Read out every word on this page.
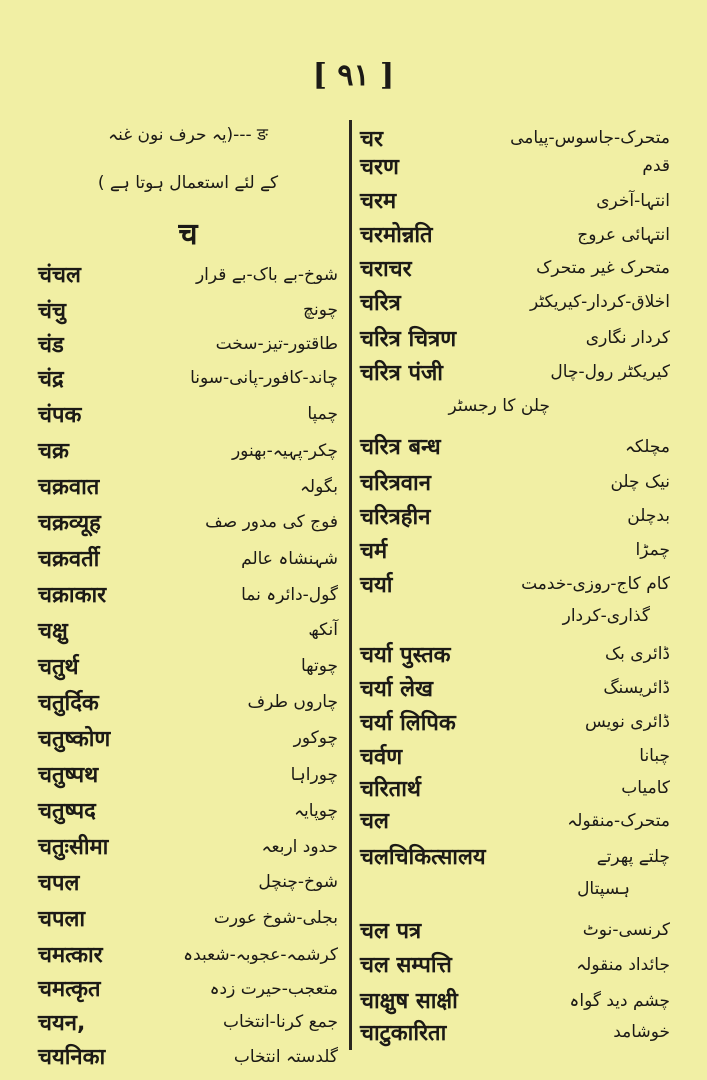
[ ٩١ ]
ङ ---(یہ حرف نون غنہ
کے لئے استعمال ہوتا ہے )
च
चंचल	شوخ-بے باک-بے قرار
चंचु	چونچ
चंड	طاقتور-تیز-سخت
चंद्र	چاند-کافور-پانی-سونا
चंपक	چمپا
चक्र	چکر-پہیہ-بھنور
चक्रवात	بگولہ
चक्रव्यूह	فوج کی مدور صف
चक्रवर्ती	شہنشاہ عالم
चक्राकार	گول-دائرہ نما
चक्षु	آنکھ
चतुर्थ	چوتھا
चतुर्दिक	چاروں طرف
चतुष्कोण	چوکور
चतुष्पथ	چوراہا
चतुष्पद	چوپایہ
चतुःसीमा	حدود اربعہ
चपल	شوخ-چنچل
चपला	بجلی-شوخ عورت
चमत्कार	کرشمہ-عجوبہ-شعبدہ
चमत्कृत	متعجب-حیرت زدہ
चयन,	جمع کرنا-انتخاب
चयनिका	گلدستہ انتخاب
चर	متحرک-جاسوس-پیامی
चरण	قدم
चरम	انتہا-آخری
चरमोन्नति	انتہائی عروج
चराचर	متحرک غیر متحرک
चरित्र	اخلاق-کردار-کیریکٹر
चरित्र चित्रण	کردار نگاری
चरित्र पंजी	کیریکٹر رول-چال
چلن کا رجسٹر
चरित्र बन्ध	مچلکہ
चरित्रवान	نیک چلن
चरित्रहीन	بدچلن
चर्म	چمڑا
चर्या	کام کاج-روزی-خدمت
گذاری-کردار
चर्या पुस्तक	ڈائری بک
चर्या लेख	ڈائریسنگ
चर्या लिपिक	ڈائری نویس
चर्वण	چبانا
चरितार्थ	کامیاب
चल	متحرک-منقولہ
चलचिकित्सालय	چلتے پھرتے
ہسپتال
चल पत्र	کرنسی-نوٹ
चल सम्पत्ति	جائداد منقولہ
चाक्षुष साक्षी	چشم دید گواہ
चाटुकारिता	خوشامد
